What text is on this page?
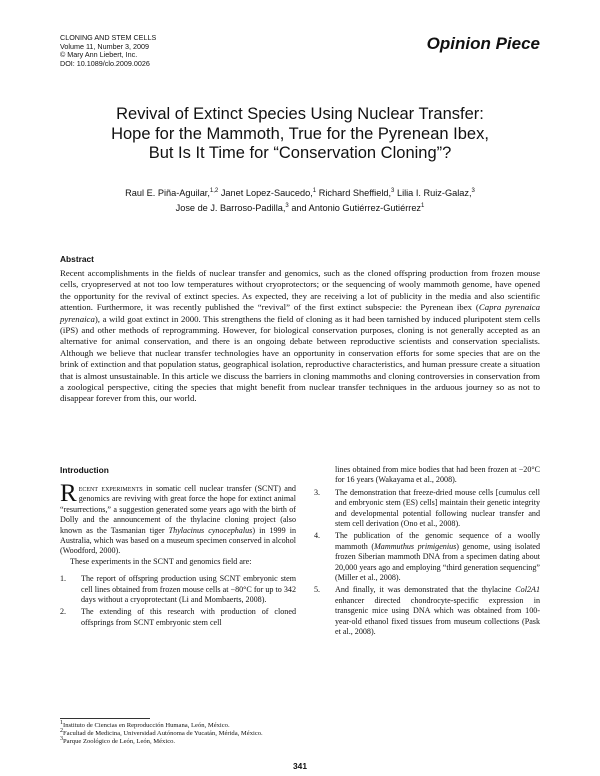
CLONING AND STEM CELLS
Volume 11, Number 3, 2009
© Mary Ann Liebert, Inc.
DOI: 10.1089/clo.2009.0026
Opinion Piece
Revival of Extinct Species Using Nuclear Transfer:
Hope for the Mammoth, True for the Pyrenean Ibex,
But Is It Time for “Conservation Cloning”?
Raul E. Piña-Aguilar,$^{1,2}$ Janet Lopez-Saucedo,$^1$ Richard Sheffield,$^3$ Lilia I. Ruiz-Galaz,$^3$
Jose de J. Barroso-Padilla,$^3$ and Antonio Gutiérrez-Gutiérrez$^1$
Abstract

Recent accomplishments in the fields of nuclear transfer and genomics, such as the cloned offspring production from frozen mouse cells, cryopreserved at not too low temperatures without cryoprotectors; or the sequencing of wooly mammoth genome, have opened the opportunity for the revival of extinct species. As expected, they are receiving a lot of publicity in the media and also scientific attention. Furthermore, it was recently published the “revival” of the first extinct subspecie: the Pyrenean ibex (Capra pyrenaica pyrenaica), a wild goat extinct in 2000. This strengthens the field of cloning as it had been tarnished by induced pluripotent stem cells (iPS) and other methods of reprogramming. However, for biological conservation purposes, cloning is not generally accepted as an alternative for animal conservation, and there is an ongoing debate between reproductive scientists and conservation specialists. Although we believe that nuclear transfer technologies have an opportunity in conservation efforts for some species that are on the brink of extinction and that population status, geographical isolation, reproductive characteristics, and human pressure create a situation that is almost unsustainable. In this article we discuss the barriers in cloning mammoths and cloning controversies in conservation from a zoological perspective, citing the species that might benefit from nuclear transfer techniques in the arduous journey so as not to disappear forever from this, our world.

Introduction

Recent experiments in somatic cell nuclear transfer (SCNT) and genomics are reviving with great force the hope for extinct animal “resurrections,” a suggestion generated some years ago with the birth of Dolly and the announcement of the thylacine cloning project (also known as the Tasmanian tiger Thylacinus cynocephalus) in 1999 in Australia, which was based on a museum specimen conserved in alcohol (Woodford, 2000).

These experiments in the SCNT and genomics field are:

1. The report of offspring production using SCNT embryonic stem cell lines obtained from frozen mouse cells at −80°C for up to 342 days without a cryoprotectant (Li and Mombaerts, 2008).
2. The extending of this research with production of cloned offsprings from SCNT embryonic stem cell
lines obtained from mice bodies that had been frozen at −20°C for 16 years (Wakayama et al., 2008).
3. The demonstration that freeze-dried mouse cells [cumulus cell and embryonic stem (ES) cells] maintain their genetic integrity and developmental potential following nuclear transfer and stem cell derivation (Ono et al., 2008).
4. The publication of the genomic sequence of a woolly mammoth (Mammuthus primigenius) genome, using isolated frozen Siberian mammoth DNA from a specimen dating about 20,000 years ago and employing “third generation sequencing” (Miller et al., 2008).
5. And finally, it was demonstrated that the thylacine Col2A1 enhancer directed chondrocyte-specific expression in transgenic mice using DNA which was obtained from 100-year-old ethanol fixed tissues from museum collections (Pask et al., 2008).
$^1$Instituto de Ciencias en Reproducción Humana, León, México.
$^2$Facultad de Medicina, Universidad Autónoma de Yucatán, Mérida, México.
$^3$Parque Zoológico de León, León, México.
341
